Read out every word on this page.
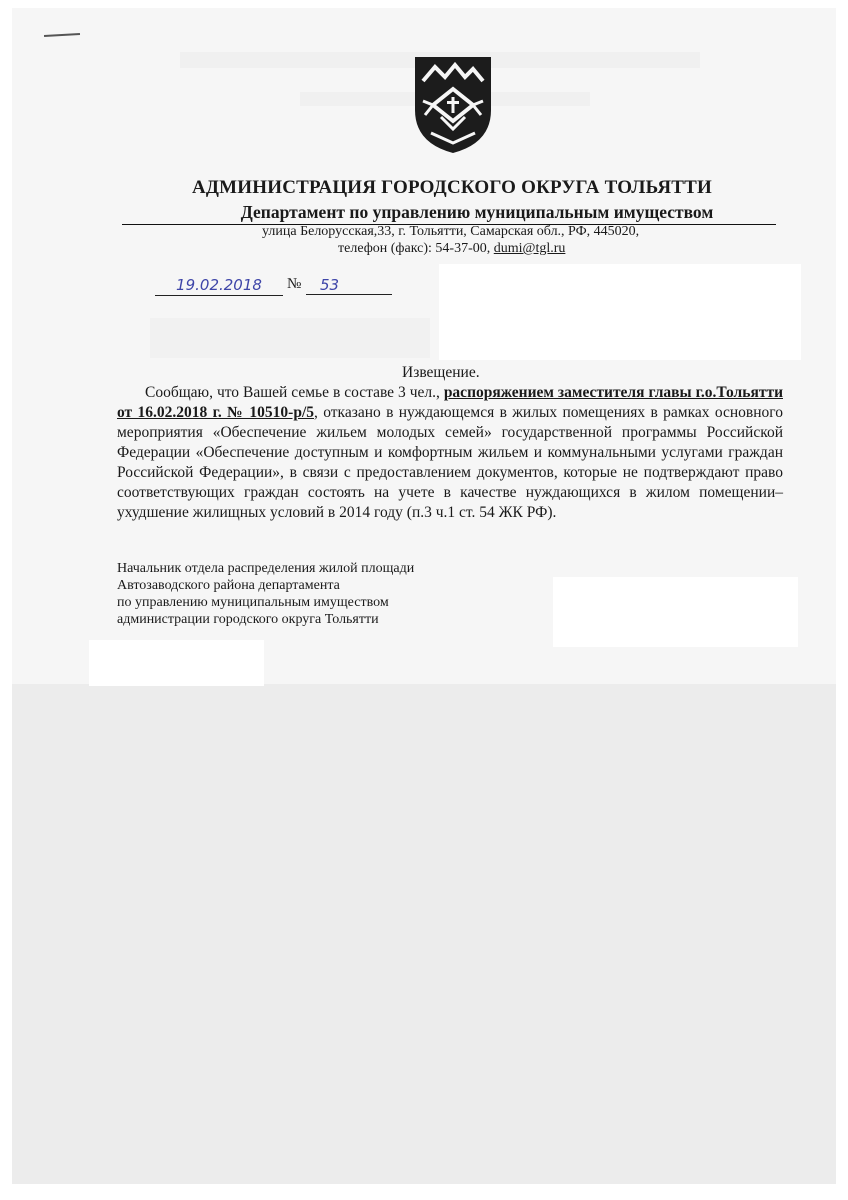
АДМИНИСТРАЦИЯ ГОРОДСКОГО ОКРУГА ТОЛЬЯТТИ
Департамент по управлению муниципальным имуществом
улица Белорусская,33, г. Тольятти, Самарская обл., РФ, 445020,
телефон (факс): 54-37-00, dumi@tgl.ru
19.02.2018	№	53
Извещение.
Сообщаю, что Вашей семье в составе 3 чел., распоряжением заместителя главы г.о.Тольятти от 16.02.2018 г. № 10510-р/5, отказано в нуждающемся в жилых помещениях в рамках основного мероприятия «Обеспечение жильем молодых семей» государственной программы Российской Федерации «Обеспечение доступным и комфортным жильем и коммунальными услугами граждан Российской Федерации», в связи с предоставлением документов, которые не подтверждают право соответствующих граждан состоять на учете в качестве нуждающихся в жилом помещении– ухудшение жилищных условий в 2014 году (п.3 ч.1 ст. 54 ЖК РФ).
Начальник отдела распределения жилой площади
Автозаводского района департамента
по управлению муниципальным имуществом
администрации городского округа Тольятти
